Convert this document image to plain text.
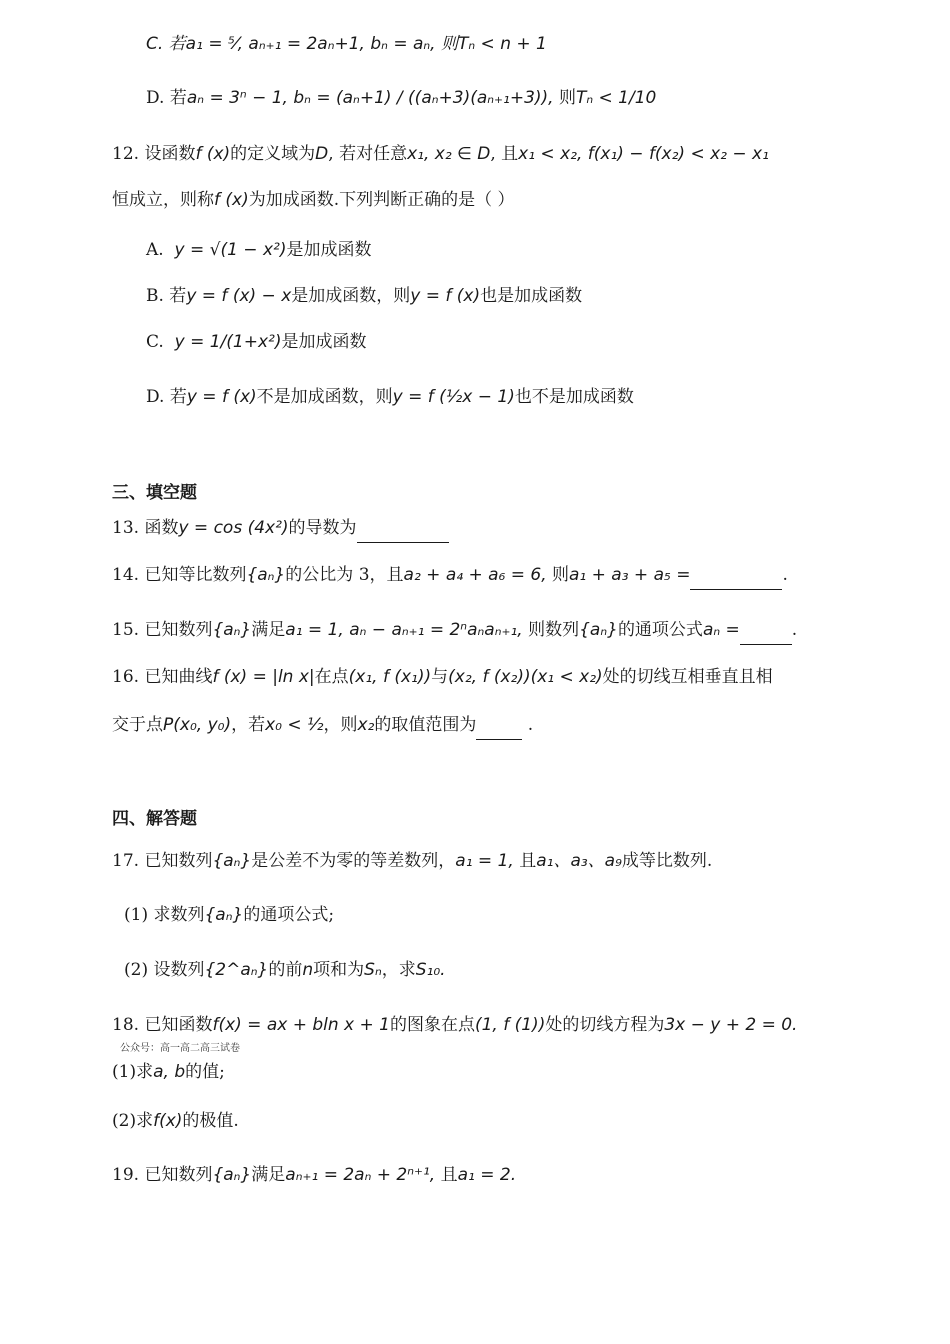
C. 若a₁ = ⁵⁄, aₙ₊₁ = 2aₙ+1, bₙ = aₙ, 则Tₙ < n + 1
D. 若aₙ = 3ⁿ − 1, bₙ = (aₙ+1) / ((aₙ+3)(aₙ₊₁+3)), 则Tₙ < 1/10
12. 设函数f (x)的定义域为D, 若对任意x₁, x₂ ∈ D, 且x₁ < x₂, f(x₁) − f(x₂) < x₂ − x₁
恒成立，则称f (x)为加成函数.下列判断正确的是（ ）
A. y = √(1 − x²)是加成函数
B. 若y = f (x) − x是加成函数，则y = f (x)也是加成函数
C. y = 1/(1+x²)是加成函数
D. 若y = f (x)不是加成函数，则y = f (½x − 1)也不是加成函数
三、填空题
13. 函数y = cos (4x²)的导数为
14. 已知等比数列{aₙ}的公比为 3，且a₂ + a₄ + a₆ = 6, 则a₁ + a₃ + a₅ =	.
15. 已知数列{aₙ}满足a₁ = 1, aₙ − aₙ₊₁ = 2ⁿaₙaₙ₊₁, 则数列{aₙ}的通项公式aₙ =	.
16. 已知曲线f (x) = |ln x|在点(x₁, f (x₁))与(x₂, f (x₂))(x₁ < x₂)处的切线互相垂直且相
交于点P(x₀, y₀)，若x₀ < ½，则x₂的取值范围为	.
四、解答题
17. 已知数列{aₙ}是公差不为零的等差数列，a₁ = 1, 且a₁、a₃、a₉成等比数列.
(1) 求数列{aₙ}的通项公式;
(2) 设数列{2^aₙ}的前n项和为Sₙ，求S₁₀.
18. 已知函数f(x) = ax + bln x + 1的图象在点(1, f (1))处的切线方程为3x − y + 2 = 0.
公众号：高一高二高三试卷
(1)求a, b的值;
(2)求f(x)的极值.
19. 已知数列{aₙ}满足aₙ₊₁ = 2aₙ + 2ⁿ⁺¹, 且a₁ = 2.
